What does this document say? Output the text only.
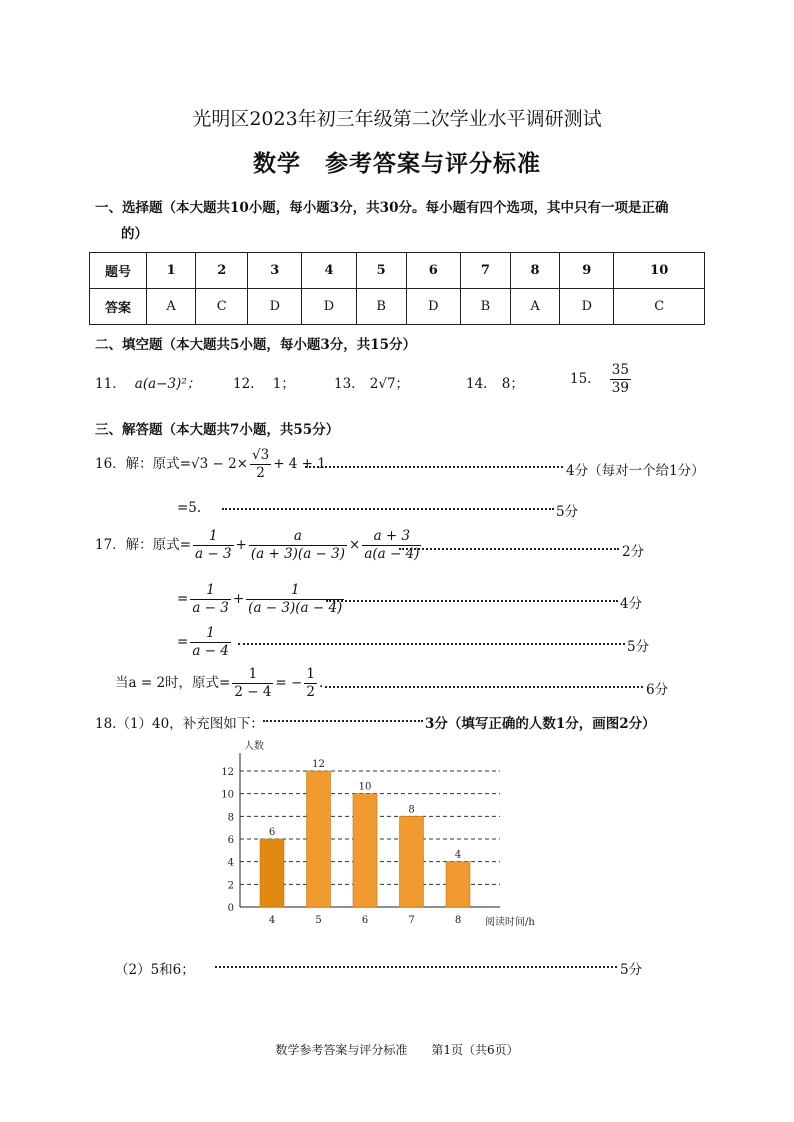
光明区2023年初三年级第二次学业水平调研测试
数学　参考答案与评分标准
一、选择题（本大题共10小题，每小题3分，共30分。每小题有四个选项，其中只有一项是正确
的）
题号	1	2	3	4	5	6	7	8	9	10
答案	A	C	D	D	B	D	B	A	D	C
二、填空题（本大题共5小题，每小题3分，共15分）
11. a(a−3)²； 12. 1；	13. 2√7；	14. 8；	15. $\frac{35}{39}$
三、解答题（本大题共7小题，共55分）
16．解：原式$=√3 - 2\times \frac{√3}{2} + 4 + 1$	4分（每对一个给1分）
=5.	5分
17．解：原式= $\frac{1}{a - 3} + \frac{a}{(a + 3)(a - 3)} \times \frac{a + 3}{a(a - 4)}$	2分
= $\frac{1}{a - 3} + \frac{1}{(a - 3)(a - 4)}$	4分
= $\frac{1}{a - 4}$	5分
当a = 2时，原式= $\frac{1}{2 - 4}$ = − $\frac{1}{2}$ .	6分
18.（1）40，补充图如下：	3分（填写正确的人数1分，画图2分）
人数
阅读时间/h
0
2
4
6
8
10
12
6
4
12
5
10
6
8
7
4
8
（2）5和6；	5分
数学参考答案与评分标准　　第1页（共6页）
